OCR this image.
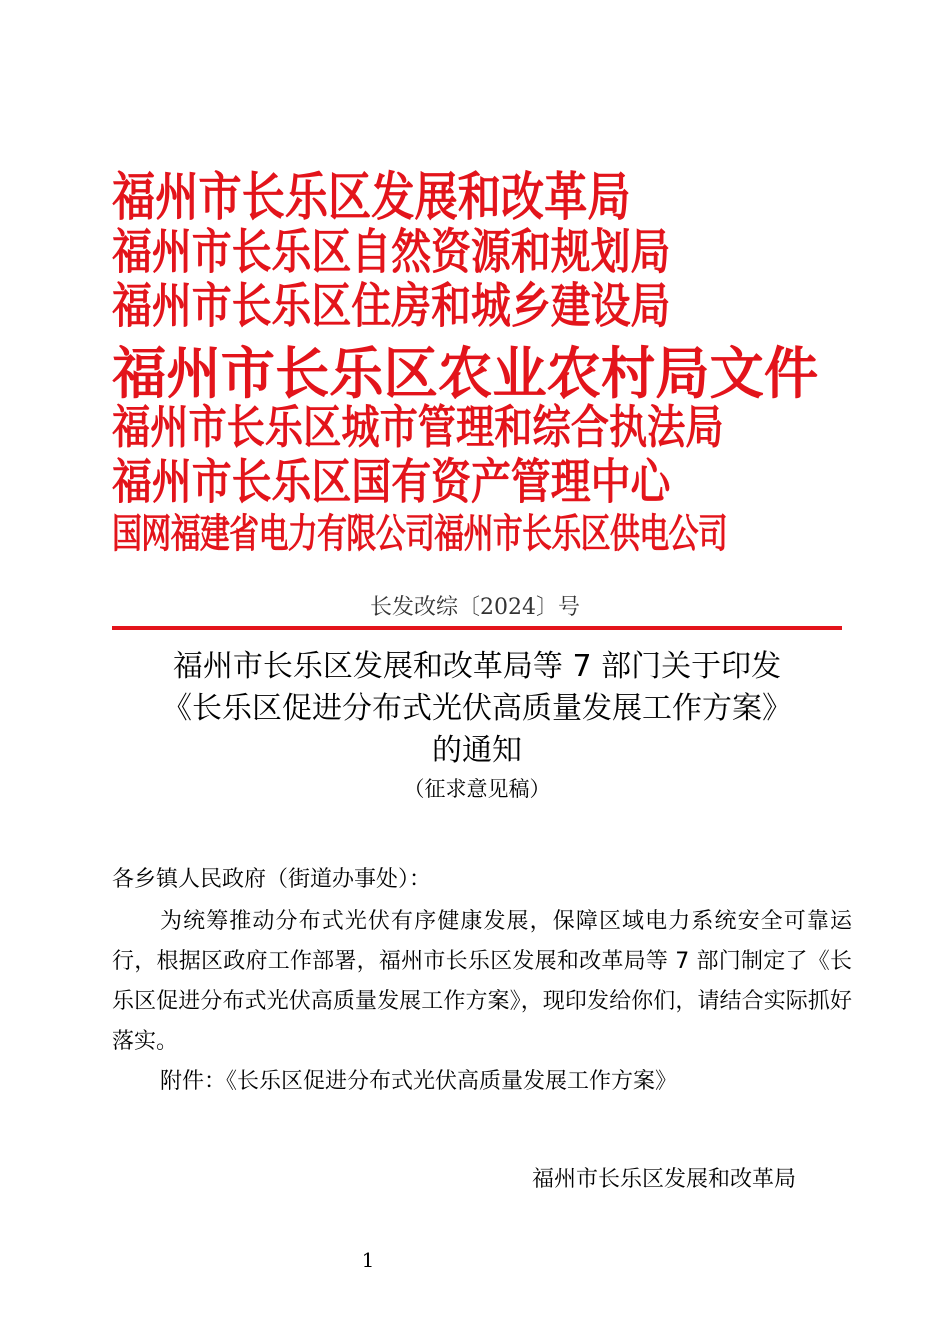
福州市长乐区发展和改革局
福州市长乐区自然资源和规划局
福州市长乐区住房和城乡建设局
福州市长乐区农业农村局文件
福州市长乐区城市管理和综合执法局
福州市长乐区国有资产管理中心
国网福建省电力有限公司福州市长乐区供电公司
长发改综〔2024〕号
福州市长乐区发展和改革局等 7 部门关于印发
《长乐区促进分布式光伏高质量发展工作方案》
的通知
（征求意见稿）
各乡镇人民政府（街道办事处）：
为统筹推动分布式光伏有序健康发展，保障区域电力系统安全可靠运行，根据区政府工作部署，福州市长乐区发展和改革局等 7 部门制定了《长乐区促进分布式光伏高质量发展工作方案》，现印发给你们，请结合实际抓好落实。
附件：《长乐区促进分布式光伏高质量发展工作方案》
福州市长乐区发展和改革局
1
